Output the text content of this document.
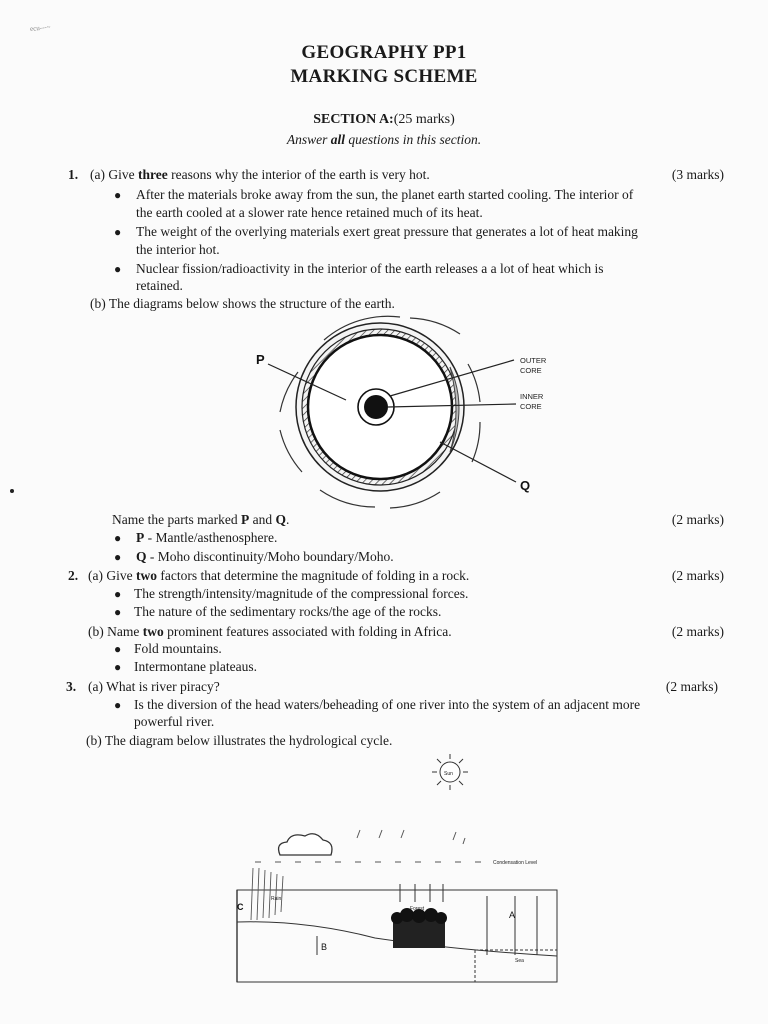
ecu---~
GEOGRAPHY PP1
MARKING SCHEME
SECTION A:(25 marks)
Answer all questions in this section.
1. (a) Give three reasons why the interior of the earth is very hot.	(3 marks)
● After the materials broke away from the sun, the planet earth started cooling. The interior of
the earth cooled at a slower rate hence retained much of its heat.
● The weight of the overlying materials exert great pressure that generates a lot of heat making
the interior hot.
● Nuclear fission/radioactivity in the interior of the earth releases a a lot of heat which is
retained.
(b) The diagrams below shows the structure of the earth.
P
Q
OUTER
CORE
INNER
CORE
Name the parts marked P and Q.	(2 marks)
● P - Mantle/asthenosphere.
● Q - Moho discontinuity/Moho boundary/Moho.
2. (a) Give two factors that determine the magnitude of folding in a rock.	(2 marks)
● The strength/intensity/magnitude of the compressional forces.
● The nature of the sedimentary rocks/the age of the rocks.
(b) Name two prominent features associated with folding in Africa.	(2 marks)
● Fold mountains.
● Intermontane plateaus.
3. (a) What is river piracy?	(2 marks)
● Is the diversion of the head waters/beheading of one river into the system of an adjacent more
powerful river.
(b) The diagram below illustrates the hydrological cycle.
Sun
Condensation Level
Rain
C
B
Forest
A
Sea
